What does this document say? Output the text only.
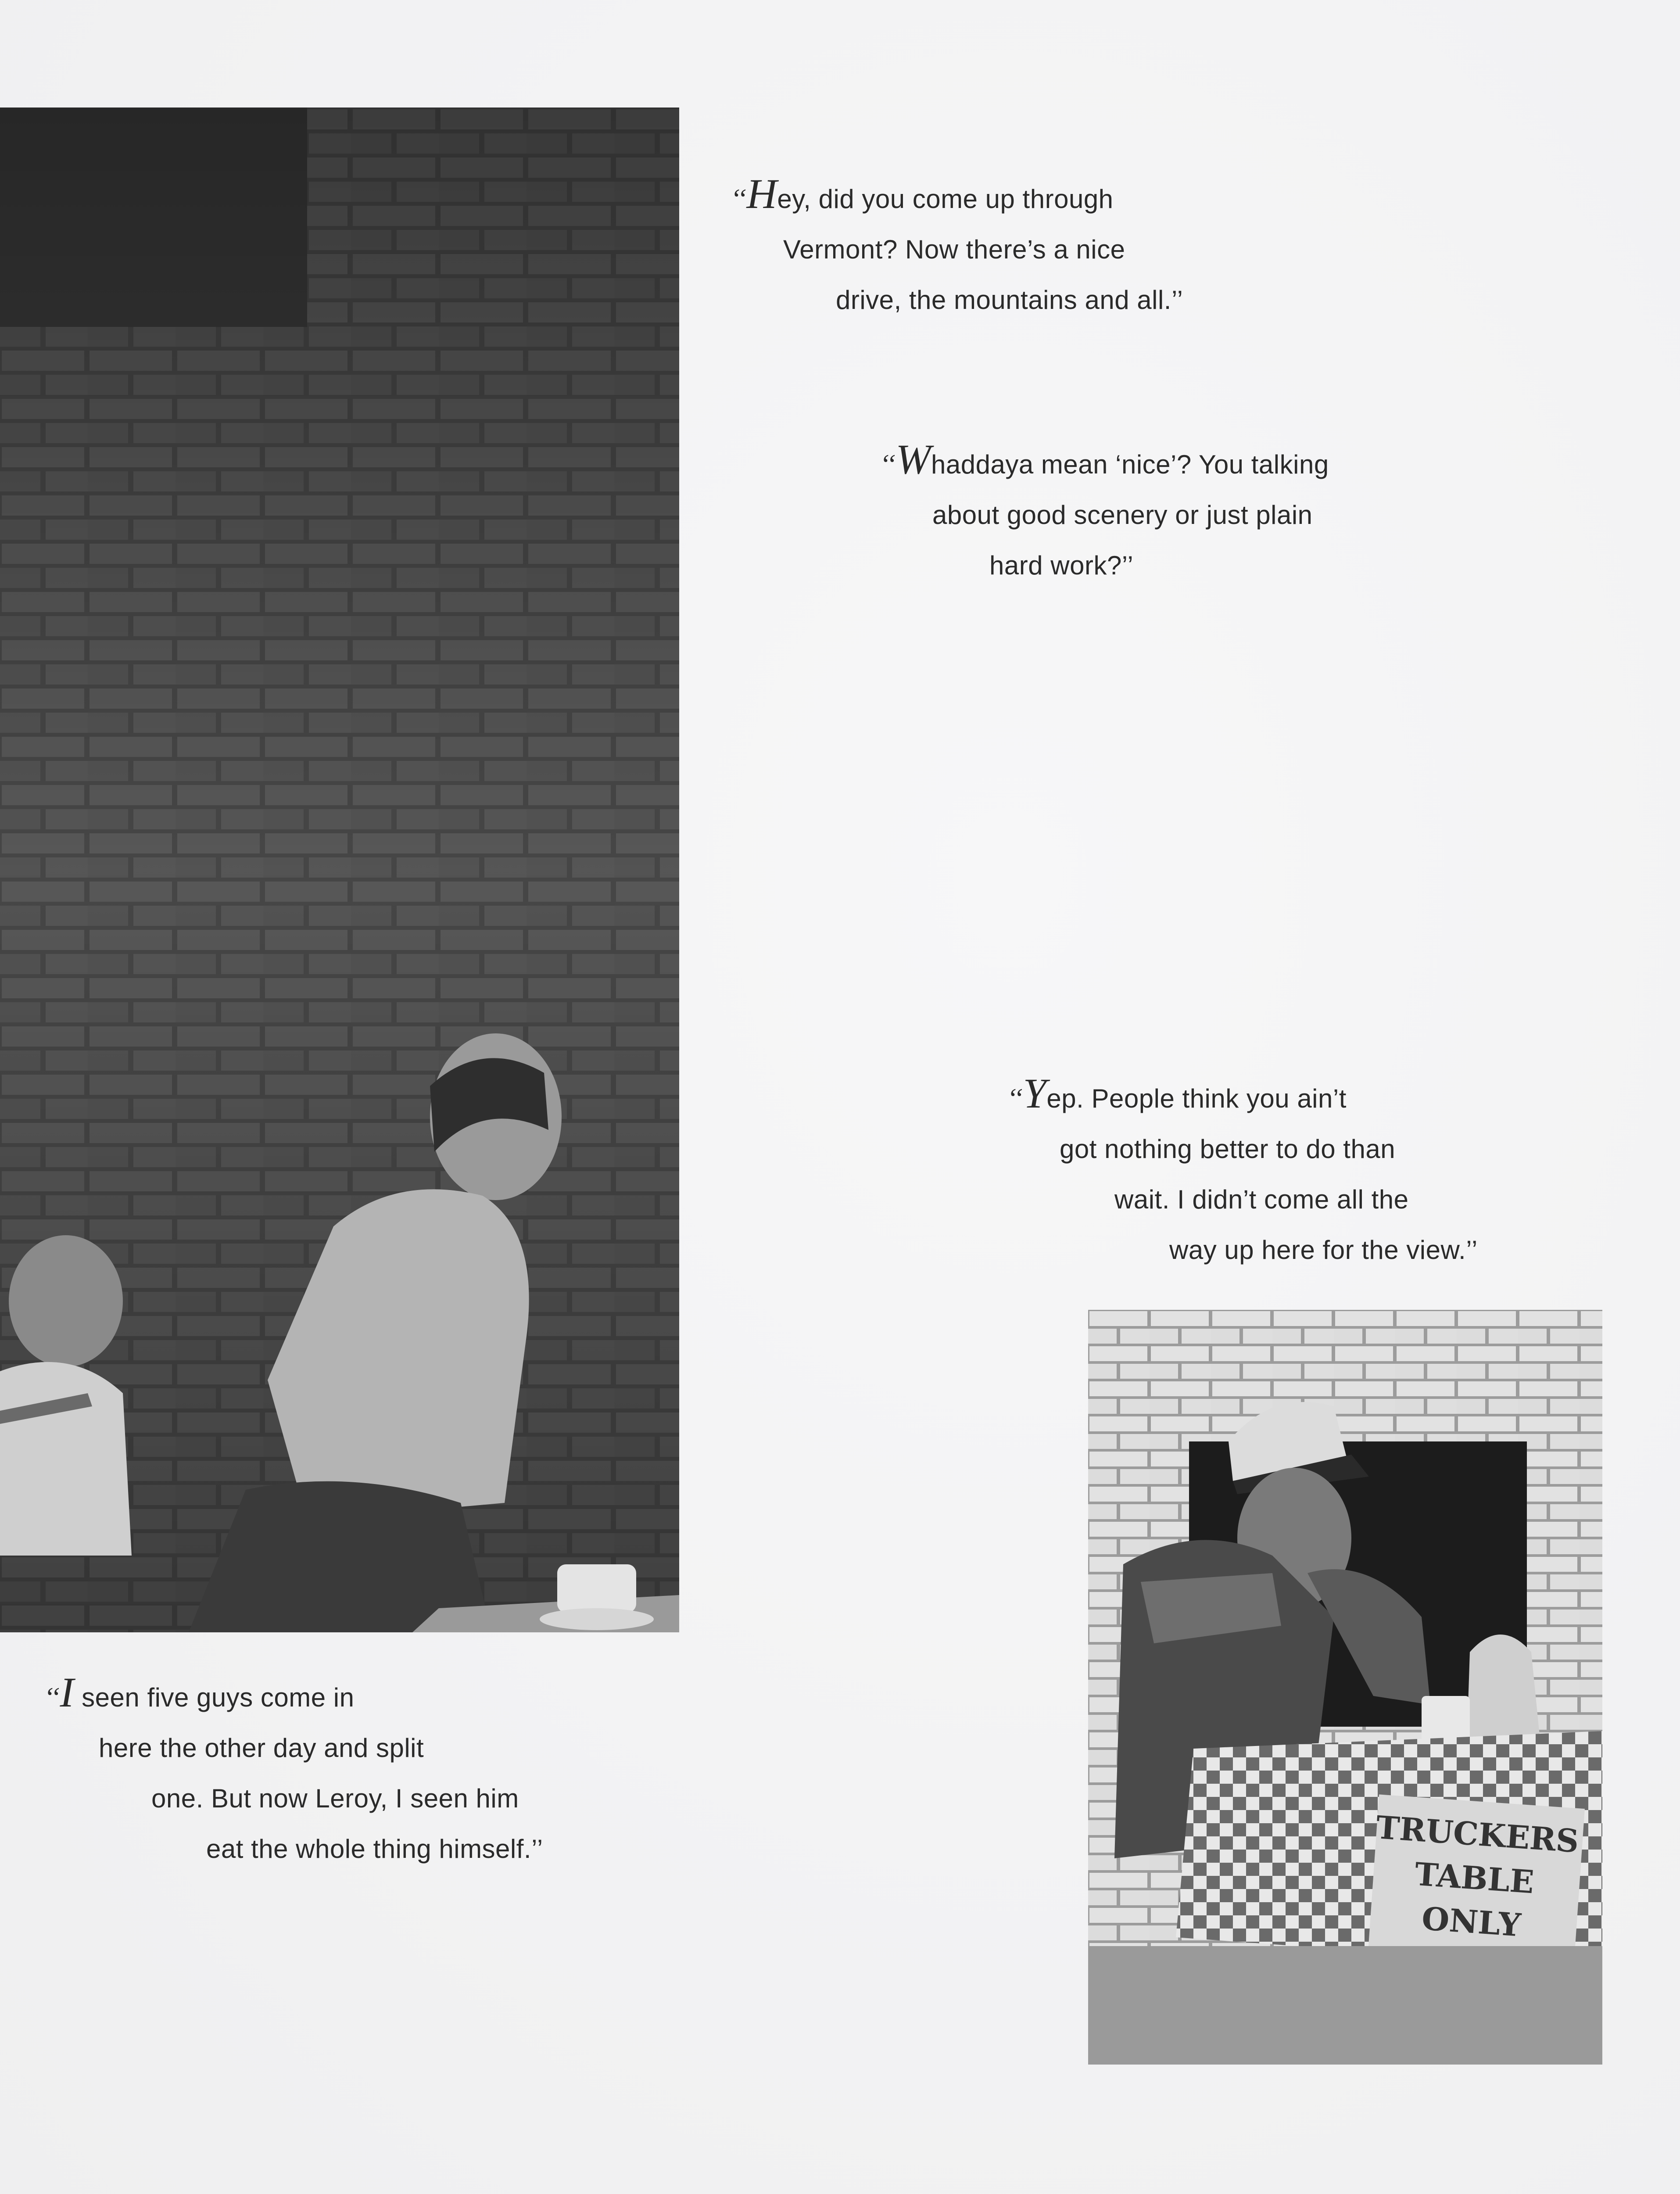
TRUCKERS
TABLE
ONLY
‘‘Hey, did you come up through
Vermont? Now there’s a nice
drive, the mountains and all.’’
‘‘Whaddaya mean ‘nice’? You talking
about good scenery or just plain
hard work?’’
‘‘Yep. People think you ain’t
got nothing better to do than
wait. I didn’t come all the
way up here for the view.’’
‘‘I seen five guys come in
here the other day and split
one. But now Leroy, I seen him
eat the whole thing himself.’’
